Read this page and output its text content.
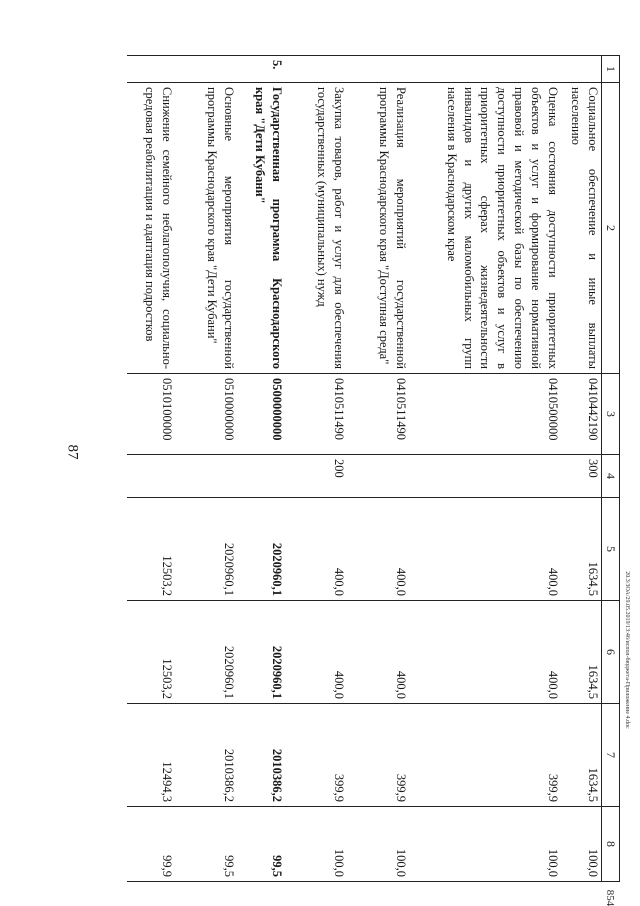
87
20.3/ЗОА/29.05.2019/13:46/испол-бюджета-Приложение 4.doc
854
1	2	3	4	5	6	7	8
	Социальное обеспечение и иные выплаты населению	0410442190	300	1634,5	1634,5	1634,5	100,0
	Оценка состояния доступности приоритетных объектов и услуг и формирование нормативной правовой и методической базы по обеспечению доступности приоритетных объектов и услуг в приоритетных сферах жизнедеятельности инвалидов и других маломобильных групп населения в Краснодарском крае	0410500000		400,0	400,0	399,9	100,0
	Реализация мероприятий государственной программы Краснодарского края "Доступная среда"	0410511490		400,0	400,0	399,9	100,0
	Закупка товаров, работ и услуг для обеспечения государственных (муниципальных) нужд	0410511490	200	400,0	400,0	399,9	100,0
5.	Государственная программа Краснодарского края "Дети Кубани"	0500000000		2020960,1	2020960,1	2010386,2	99,5
	Основные мероприятия государственной программы Краснодарского края "Дети Кубани"	0510000000		2020960,1	2020960,1	2010386,2	99,5
	Снижение семейного неблагополучия, социально-средовая реабилитация и адаптация подростков	0510100000		12503,2	12503,2	12494,3	99,9
